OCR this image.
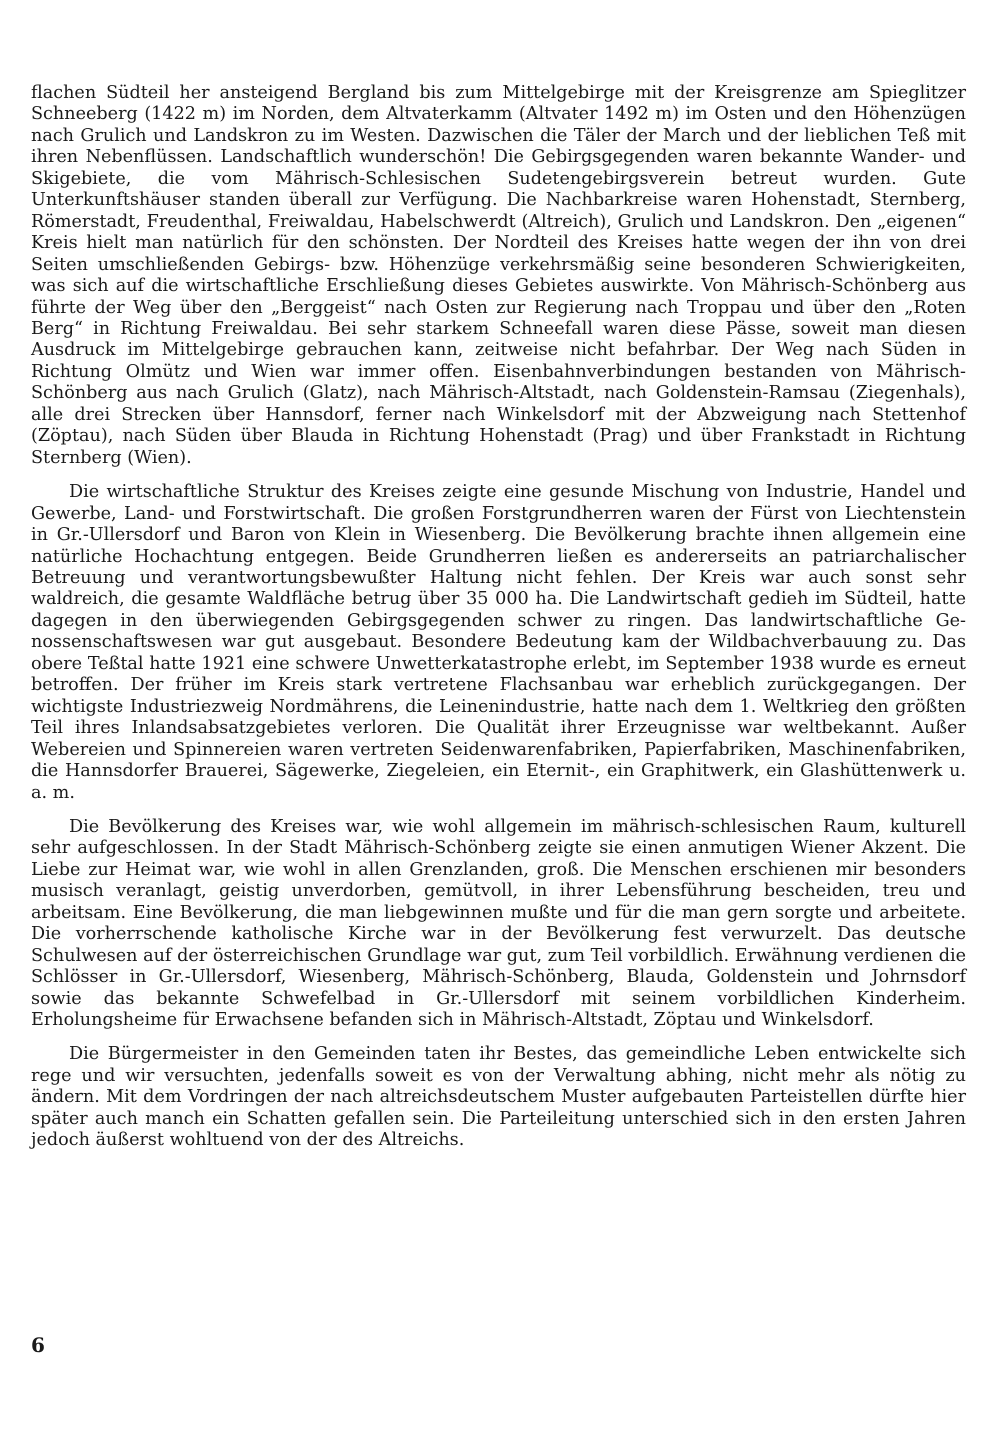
flachen Südteil her ansteigend Bergland bis zum Mittelgebirge mit der Kreisgrenze am Spieglitzer Schneeberg (1422 m) im Norden, dem Altvaterkamm (Altvater 1492 m) im Osten und den Höhenzügen nach Grulich und Landskron zu im Westen. Dazwischen die Täler der March und der lieblichen Teß mit ihren Nebenflüssen. Landschaftlich wunderschön! Die Gebirgsgegenden waren bekannte Wander- und Skigebiete, die vom Mährisch-Schlesischen Sudetengebirgsverein betreut wurden. Gute Unterkunftshäuser standen überall zur Verfügung. Die Nachbarkreise waren Hohenstadt, Sternberg, Römerstadt, Freudenthal, Freiwaldau, Habelschwerdt (Altreich), Grulich und Landskron. Den „eigenen“ Kreis hielt man natürlich für den schönsten. Der Nordteil des Kreises hatte wegen der ihn von drei Seiten umschließenden Gebirgs- bzw. Höhenzüge verkehrsmäßig seine besonderen Schwierigkeiten, was sich auf die wirtschaftliche Erschließung dieses Gebietes auswirkte. Von Mährisch-Schönberg aus führte der Weg über den „Berggeist“ nach Osten zur Regierung nach Troppau und über den „Roten Berg“ in Richtung Freiwaldau. Bei sehr starkem Schneefall waren diese Pässe, soweit man diesen Ausdruck im Mittelgebirge gebrauchen kann, zeitweise nicht befahrbar. Der Weg nach Süden in Richtung Olmütz und Wien war immer offen. Eisenbahnverbindungen bestanden von Mährisch-Schönberg aus nach Grulich (Glatz), nach Mährisch-Altstadt, nach Goldenstein-Ramsau (Ziegenhals), alle drei Strecken über Hannsdorf, ferner nach Winkelsdorf mit der Abzweigung nach Stettenhof (Zöptau), nach Süden über Blauda in Richtung Hohenstadt (Prag) und über Frankstadt in Richtung Sternberg (Wien).

Die wirtschaftliche Struktur des Kreises zeigte eine gesunde Mischung von Industrie, Handel und Gewerbe, Land- und Forstwirtschaft. Die großen Forstgrundherren waren der Fürst von Liechtenstein in Gr.-Ullersdorf und Baron von Klein in Wiesenberg. Die Bevölkerung brachte ihnen allgemein eine natürliche Hochachtung entgegen. Beide Grundherren ließen es andererseits an patriarchalischer Betreuung und verantwortungsbewußter Haltung nicht fehlen. Der Kreis war auch sonst sehr waldreich, die gesamte Waldfläche betrug über 35 000 ha. Die Landwirtschaft gedieh im Südteil, hatte dagegen in den überwiegenden Gebirgsgegenden schwer zu ringen. Das landwirtschaftliche Genossenschaftswesen war gut ausgebaut. Besondere Bedeutung kam der Wildbachverbauung zu. Das obere Teßtal hatte 1921 eine schwere Unwetterkatastrophe erlebt, im September 1938 wurde es erneut betroffen. Der früher im Kreis stark vertretene Flachsanbau war erheblich zurückgegangen. Der wichtigste Industriezweig Nordmährens, die Leinenindustrie, hatte nach dem 1. Weltkrieg den größten Teil ihres Inlandsabsatzgebietes verloren. Die Qualität ihrer Erzeugnisse war weltbekannt. Außer Webereien und Spinnereien waren vertreten Seidenwarenfabriken, Papierfabriken, Maschinenfabriken, die Hannsdorfer Brauerei, Sägewerke, Ziegeleien, ein Eternit-, ein Graphitwerk, ein Glashüttenwerk u. a. m.

Die Bevölkerung des Kreises war, wie wohl allgemein im mährisch-schlesischen Raum, kulturell sehr aufgeschlossen. In der Stadt Mährisch-Schönberg zeigte sie einen anmutigen Wiener Akzent. Die Liebe zur Heimat war, wie wohl in allen Grenzlanden, groß. Die Menschen erschienen mir besonders musisch veranlagt, geistig unverdorben, gemütvoll, in ihrer Lebensführung bescheiden, treu und arbeitsam. Eine Bevölkerung, die man liebgewinnen mußte und für die man gern sorgte und arbeitete. Die vorherrschende katholische Kirche war in der Bevölkerung fest verwurzelt. Das deutsche Schulwesen auf der österreichischen Grundlage war gut, zum Teil vorbildlich. Erwähnung verdienen die Schlösser in Gr.-Ullersdorf, Wiesenberg, Mährisch-Schönberg, Blauda, Goldenstein und Johrnsdorf sowie das bekannte Schwefelbad in Gr.-Ullersdorf mit seinem vorbildlichen Kinderheim. Erholungsheime für Erwachsene befanden sich in Mährisch-Altstadt, Zöptau und Winkelsdorf.

Die Bürgermeister in den Gemeinden taten ihr Bestes, das gemeindliche Leben entwickelte sich rege und wir versuchten, jedenfalls soweit es von der Verwaltung abhing, nicht mehr als nötig zu ändern. Mit dem Vordringen der nach altreichsdeutschem Muster aufgebauten Parteistellen dürfte hier später auch manch ein Schatten gefallen sein. Die Parteileitung unterschied sich in den ersten Jahren jedoch äußerst wohltuend von der des Altreichs.

6
